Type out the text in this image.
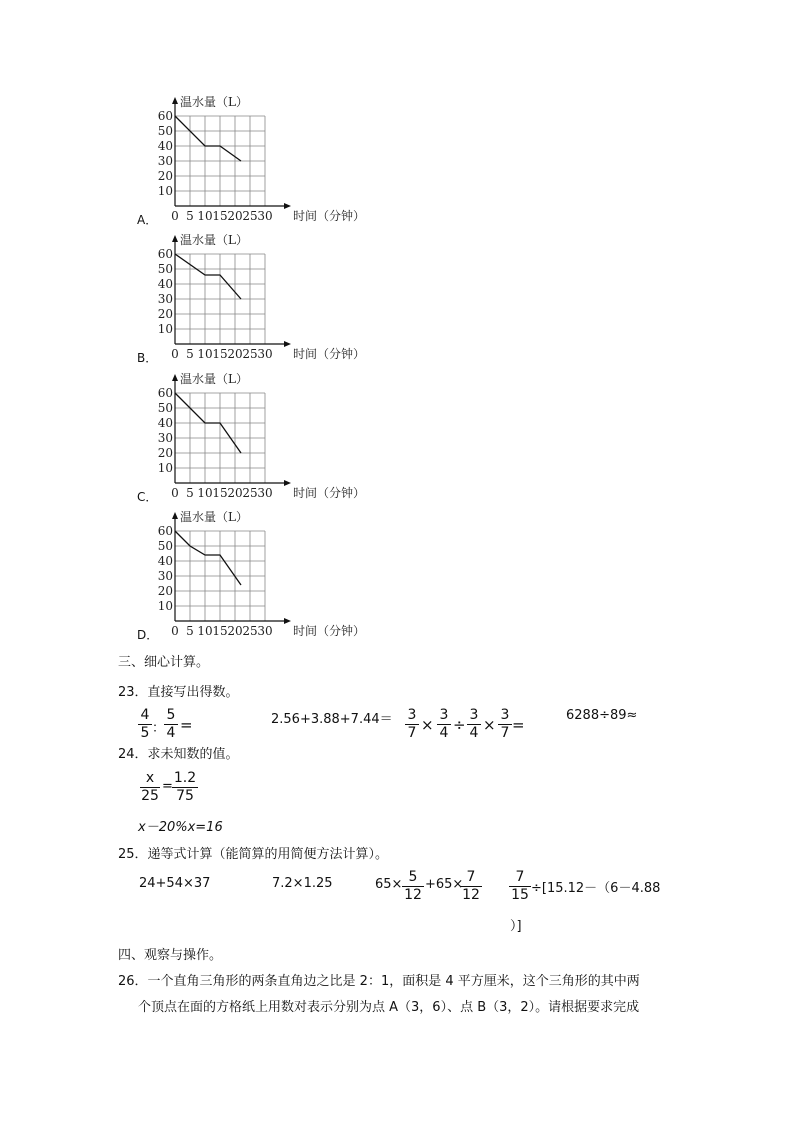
A．
温水量（L）
60
50
40
30
20
10
0 5 10 15 20 25 30 时间（分钟）
B．
温水量（L）
60
50
40
30
20
10
0 5 10 15 20 25 30 时间（分钟）
C．
温水量（L）
60
50
40
30
20
10
0 5 10 15 20 25 30 时间（分钟）
D．
温水量（L）
60
50
40
30
20
10
0 5 10 15 20 25 30 时间（分钟）
三、细心计算。
23．直接写出得数。
$\frac{4}{5}$ ：
$\frac{5}{4}$ =	$2.56+3.88+7.44= \frac{3}{7} \times \frac{3}{4} \div \frac{3}{4} \times \frac{3}{7}$ =
6288÷89≈
24．求未知数的值。
$\frac{x}{25} = \frac{1.2}{75}$
x－20%x=16
25．递等式计算（能简算的用简便方法计算）。
24+54×37	7.2×1.25	$65\times \frac{5}{12} +65\times$
$\frac{7}{12} \frac{7}{15} \div[15.12-(6-4.88$
）]
四、观察与操作。
26．一个直角三角形的两条直角边之比是 2：1，面积是 4 平方厘米，这个三角形的其中两
个顶点在面的方格纸上用数对表示分别为点 A（3，6）、点 B（3，2）。请根据要求完成
